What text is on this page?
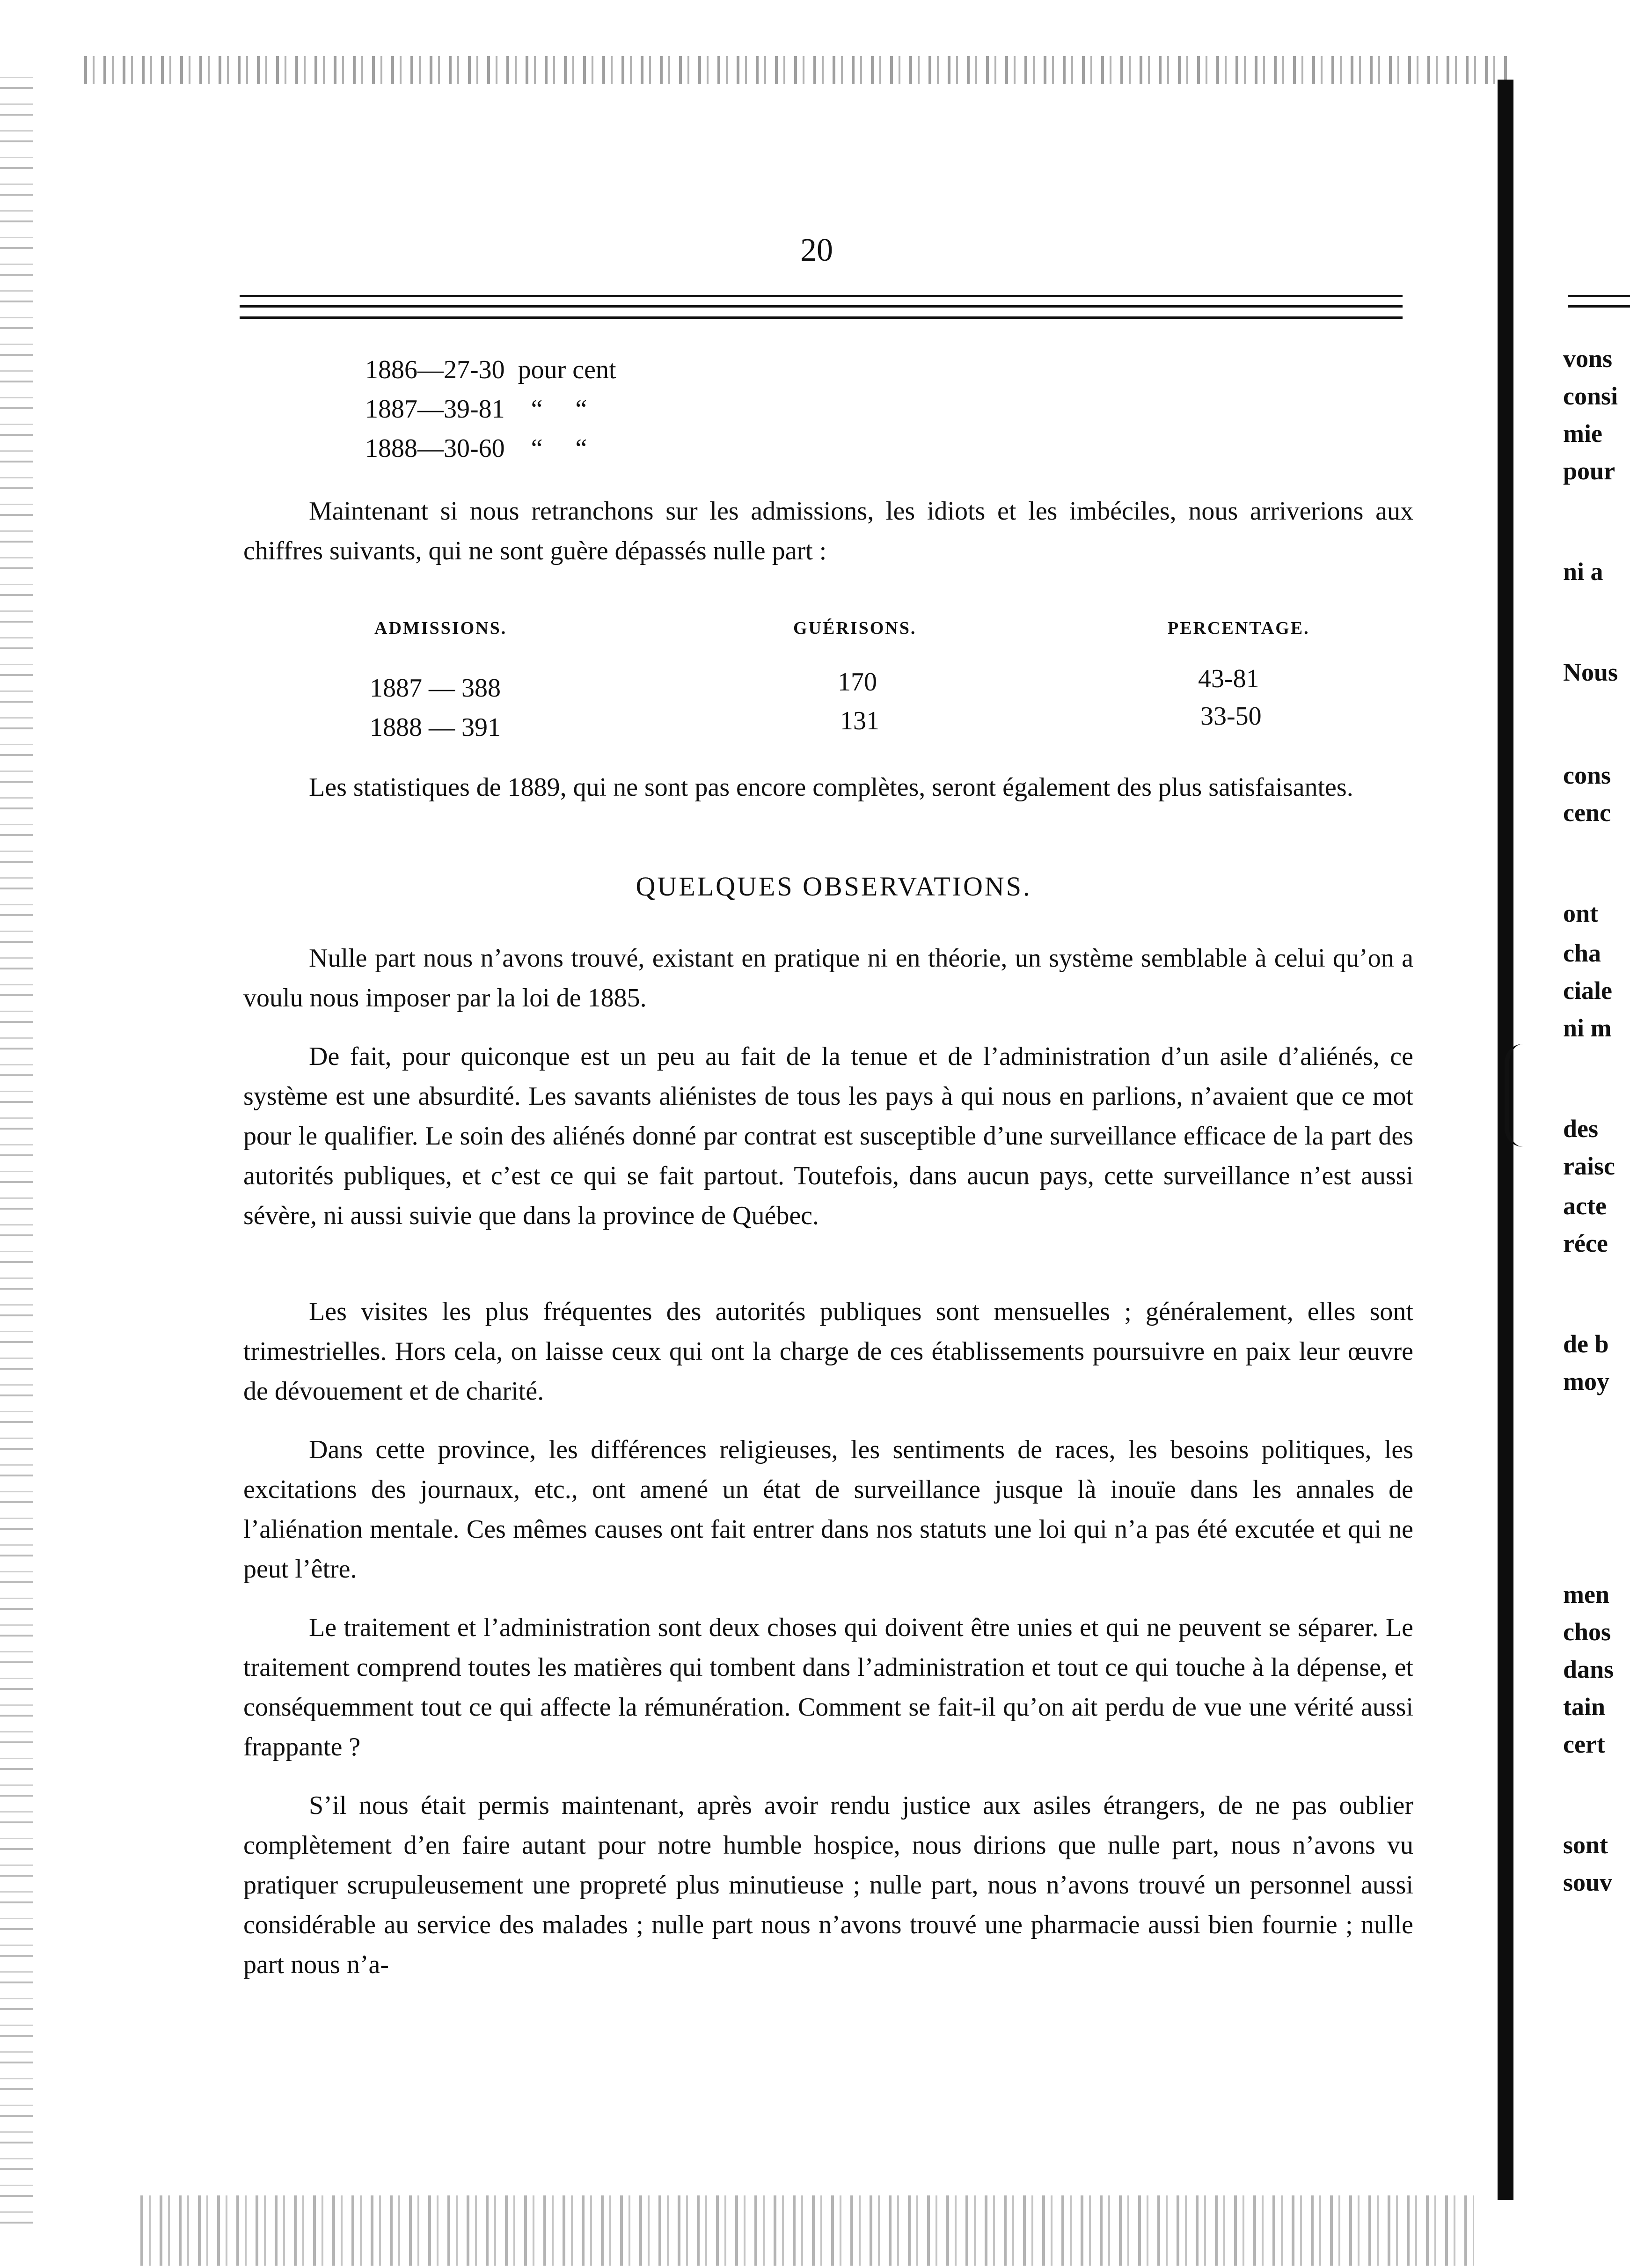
20
1886—27-30  pour cent
1887—39-81    “     “
1888—30-60    “     “

Maintenant si nous retranchons sur les admissions, les idiots et les imbéciles, nous arriverions aux chiffres suivants, qui ne sont guère dépassés nulle part :

ADMISSIONS.	GUÉRISONS.	PERCENTAGE.
1887 — 388	170	43-81
1888 — 391	131	33-50

Les statistiques de 1889, qui ne sont pas encore complètes, seront également des plus satisfaisantes.

QUELQUES OBSERVATIONS.

Nulle part nous n’avons trouvé, existant en pratique ni en théorie, un système semblable à celui qu’on a voulu nous imposer par la loi de 1885.

De fait, pour quiconque est un peu au fait de la tenue et de l’administration d’un asile d’aliénés, ce système est une absurdité. Les savants aliénistes de tous les pays à qui nous en parlions, n’avaient que ce mot pour le qualifier. Le soin des aliénés donné par contrat est susceptible d’une surveillance efficace de la part des autorités publiques, et c’est ce qui se fait partout. Toutefois, dans aucun pays, cette surveillance n’est aussi sévère, ni aussi suivie que dans la province de Québec.

Les visites les plus fréquentes des autorités publiques sont mensuelles ; généralement, elles sont trimestrielles. Hors cela, on laisse ceux qui ont la charge de ces établissements poursuivre en paix leur œuvre de dévouement et de charité.

Dans cette province, les différences religieuses, les sentiments de races, les besoins politiques, les excitations des journaux, etc., ont amené un état de surveillance jusque là inouïe dans les annales de l’aliénation mentale. Ces mêmes causes ont fait entrer dans nos statuts une loi qui n’a pas été excutée et qui ne peut l’être.

Le traitement et l’administration sont deux choses qui doivent être unies et qui ne peuvent se séparer. Le traitement comprend toutes les matières qui tombent dans l’administration et tout ce qui touche à la dépense, et conséquemment tout ce qui affecte la rémunération. Comment se fait-il qu’on ait perdu de vue une vérité aussi frappante ?

S’il nous était permis maintenant, après avoir rendu justice aux asiles étrangers, de ne pas oublier complètement d’en faire autant pour notre humble hospice, nous dirions que nulle part, nous n’avons vu pratiquer scrupuleusement une propreté plus minutieuse ; nulle part, nous n’avons trouvé un personnel aussi considérable au service des malades ; nulle part nous n’avons trouvé une pharmacie aussi bien fournie ; nulle part nous n’a-

vons
consi
mie
pour
ni a
Nous
cons
cenc
ont
cha
ciale
ni m
des
raisc
acte
réce
de b
moy
men
chos
dans
tain
cert
sont
souv
